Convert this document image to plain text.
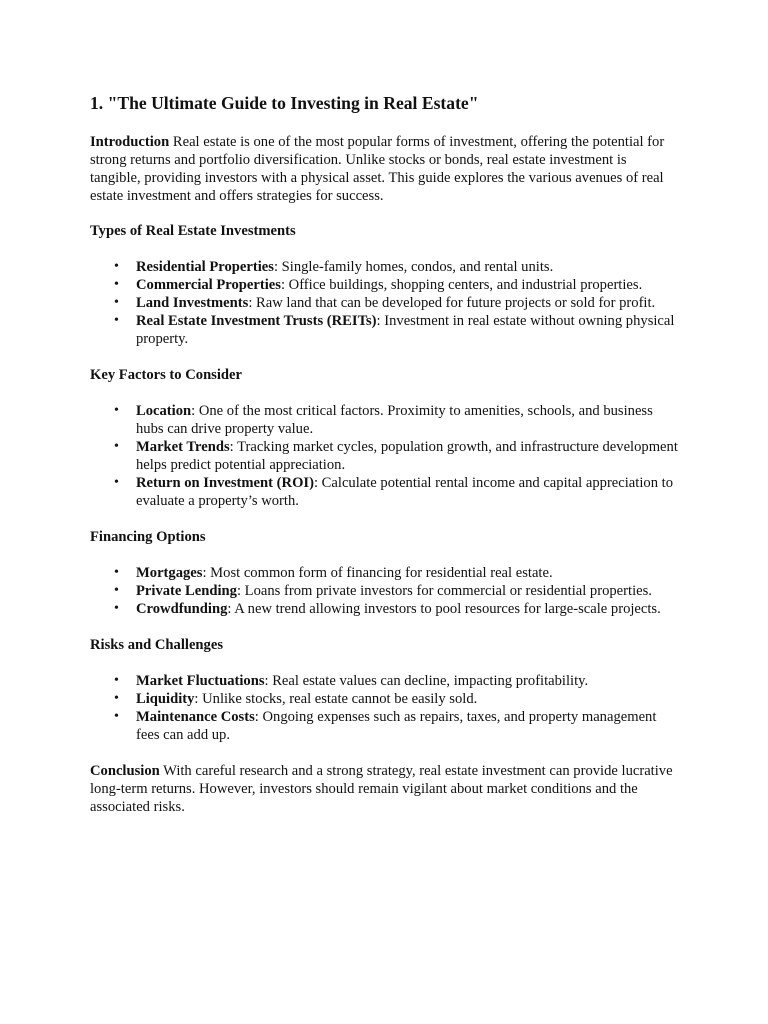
1. "The Ultimate Guide to Investing in Real Estate"

Introduction Real estate is one of the most popular forms of investment, offering the potential for strong returns and portfolio diversification. Unlike stocks or bonds, real estate investment is tangible, providing investors with a physical asset. This guide explores the various avenues of real estate investment and offers strategies for success.

Types of Real Estate Investments
• Residential Properties: Single-family homes, condos, and rental units.
• Commercial Properties: Office buildings, shopping centers, and industrial properties.
• Land Investments: Raw land that can be developed for future projects or sold for profit.
• Real Estate Investment Trusts (REITs): Investment in real estate without owning physical property.
Key Factors to Consider
• Location: One of the most critical factors. Proximity to amenities, schools, and business hubs can drive property value.
• Market Trends: Tracking market cycles, population growth, and infrastructure development helps predict potential appreciation.
• Return on Investment (ROI): Calculate potential rental income and capital appreciation to evaluate a property’s worth.
Financing Options
• Mortgages: Most common form of financing for residential real estate.
• Private Lending: Loans from private investors for commercial or residential properties.
• Crowdfunding: A new trend allowing investors to pool resources for large-scale projects.
Risks and Challenges
• Market Fluctuations: Real estate values can decline, impacting profitability.
• Liquidity: Unlike stocks, real estate cannot be easily sold.
• Maintenance Costs: Ongoing expenses such as repairs, taxes, and property management fees can add up.

Conclusion With careful research and a strong strategy, real estate investment can provide lucrative long-term returns. However, investors should remain vigilant about market conditions and the associated risks.
